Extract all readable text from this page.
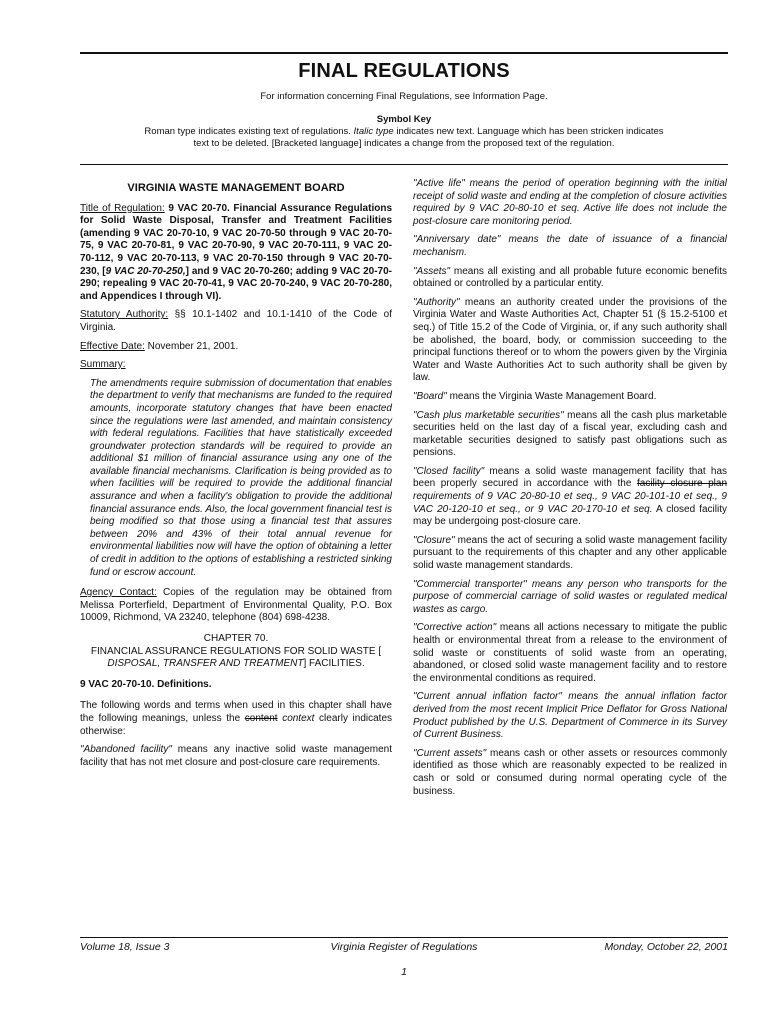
FINAL REGULATIONS
For information concerning Final Regulations, see Information Page.
Symbol Key
Roman type indicates existing text of regulations. Italic type indicates new text. Language which has been stricken indicates
text to be deleted. [Bracketed language] indicates a change from the proposed text of the regulation.
VIRGINIA WASTE MANAGEMENT BOARD

Title of Regulation: 9 VAC 20-70. Financial Assurance Regulations for Solid Waste Disposal, Transfer and Treatment Facilities (amending 9 VAC 20-70-10, 9 VAC 20-70-50 through 9 VAC 20-70-75, 9 VAC 20-70-81, 9 VAC 20-70-90, 9 VAC 20-70-111, 9 VAC 20-70-112, 9 VAC 20-70-113, 9 VAC 20-70-150 through 9 VAC 20-70-230, [9 VAC 20-70-250,] and 9 VAC 20-70-260; adding 9 VAC 20-70-290; repealing 9 VAC 20-70-41, 9 VAC 20-70-240, 9 VAC 20-70-280, and Appendices I through VI).

Statutory Authority: §§ 10.1-1402 and 10.1-1410 of the Code of Virginia.

Effective Date: November 21, 2001.

Summary:

The amendments require submission of documentation that enables the department to verify that mechanisms are funded to the required amounts, incorporate statutory changes that have been enacted since the regulations were last amended, and maintain consistency with federal regulations. Facilities that have statistically exceeded groundwater protection standards will be required to provide an additional $1 million of financial assurance using any one of the available financial mechanisms. Clarification is being provided as to when facilities will be required to provide the additional financial assurance and when a facility's obligation to provide the additional financial assurance ends. Also, the local government financial test is being modified so that those using a financial test that assures between 20% and 43% of their total annual revenue for environmental liabilities now will have the option of obtaining a letter of credit in addition to the options of establishing a restricted sinking fund or escrow account.

Agency Contact: Copies of the regulation may be obtained from Melissa Porterfield, Department of Environmental Quality, P.O. Box 10009, Richmond, VA 23240, telephone (804) 698-4238.

CHAPTER 70.
FINANCIAL ASSURANCE REGULATIONS FOR SOLID WASTE [ DISPOSAL, TRANSFER AND TREATMENT] FACILITIES.

9 VAC 20-70-10. Definitions.

The following words and terms when used in this chapter shall have the following meanings, unless the content context clearly indicates otherwise:

"Abandoned facility" means any inactive solid waste management facility that has not met closure and post-closure care requirements.

"Active life" means the period of operation beginning with the initial receipt of solid waste and ending at the completion of closure activities required by 9 VAC 20-80-10 et seq. Active life does not include the post-closure care monitoring period.

"Anniversary date" means the date of issuance of a financial mechanism.

"Assets" means all existing and all probable future economic benefits obtained or controlled by a particular entity.

"Authority" means an authority created under the provisions of the Virginia Water and Waste Authorities Act, Chapter 51 (§ 15.2-5100 et seq.) of Title 15.2 of the Code of Virginia, or, if any such authority shall be abolished, the board, body, or commission succeeding to the principal functions thereof or to whom the powers given by the Virginia Water and Waste Authorities Act to such authority shall be given by law.

"Board" means the Virginia Waste Management Board.

"Cash plus marketable securities" means all the cash plus marketable securities held on the last day of a fiscal year, excluding cash and marketable securities designed to satisfy past obligations such as pensions.

"Closed facility" means a solid waste management facility that has been properly secured in accordance with the facility closure plan requirements of 9 VAC 20-80-10 et seq., 9 VAC 20-101-10 et seq., 9 VAC 20-120-10 et seq., or 9 VAC 20-170-10 et seq. A closed facility may be undergoing post-closure care.

"Closure" means the act of securing a solid waste management facility pursuant to the requirements of this chapter and any other applicable solid waste management standards.

"Commercial transporter" means any person who transports for the purpose of commercial carriage of solid wastes or regulated medical wastes as cargo.

"Corrective action" means all actions necessary to mitigate the public health or environmental threat from a release to the environment of solid waste or constituents of solid waste from an operating, abandoned, or closed solid waste management facility and to restore the environmental conditions as required.

"Current annual inflation factor" means the annual inflation factor derived from the most recent Implicit Price Deflator for Gross National Product published by the U.S. Department of Commerce in its Survey of Current Business.

"Current assets" means cash or other assets or resources commonly identified as those which are reasonably expected to be realized in cash or sold or consumed during normal operating cycle of the business.

Volume 18, Issue 3	Virginia Register of Regulations	Monday, October 22, 2001
1
